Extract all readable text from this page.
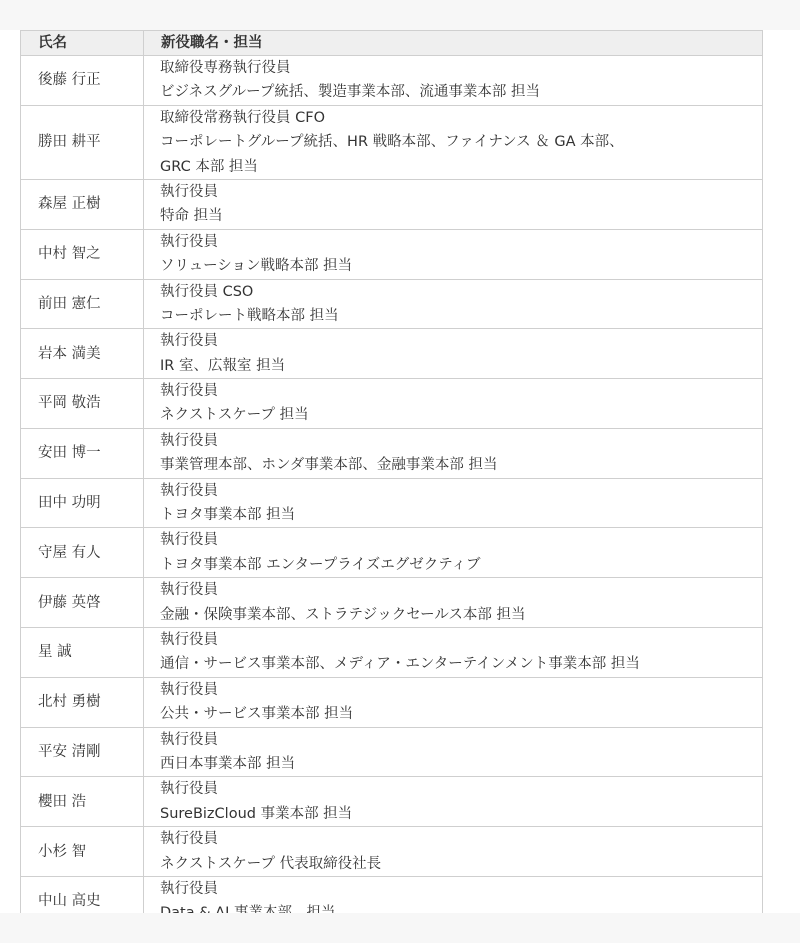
氏名	新役職名・担当
後藤 行正	取締役専務執行役員
ビジネスグループ統括、製造事業本部、流通事業本部 担当

勝田 耕平	取締役常務執行役員 CFO
コーポレートグループ統括、HR 戦略本部、ファイナンス ＆ GA 本部、
GRC 本部 担当

森屋 正樹	執行役員
特命 担当

中村 智之	執行役員
ソリューション戦略本部 担当

前田 憲仁	執行役員 CSO
コーポレート戦略本部 担当

岩本 満美	執行役員
IR 室、広報室 担当

平岡 敬浩	執行役員
ネクストスケープ 担当

安田 博一	執行役員
事業管理本部、ホンダ事業本部、金融事業本部 担当

田中 功明	執行役員
トヨタ事業本部 担当

守屋 有人	執行役員
トヨタ事業本部 エンタープライズエグゼクティブ

伊藤 英啓	執行役員
金融・保険事業本部、ストラテジックセールス本部 担当

星 誠	執行役員
通信・サービス事業本部、メディア・エンターテインメント事業本部 担当

北村 勇樹	執行役員
公共・サービス事業本部 担当

平安 清剛	執行役員
西日本事業本部 担当

櫻田 浩	執行役員
SureBizCloud 事業本部 担当

小杉 智	執行役員
ネクストスケープ 代表取締役社長

中山 高史	執行役員
